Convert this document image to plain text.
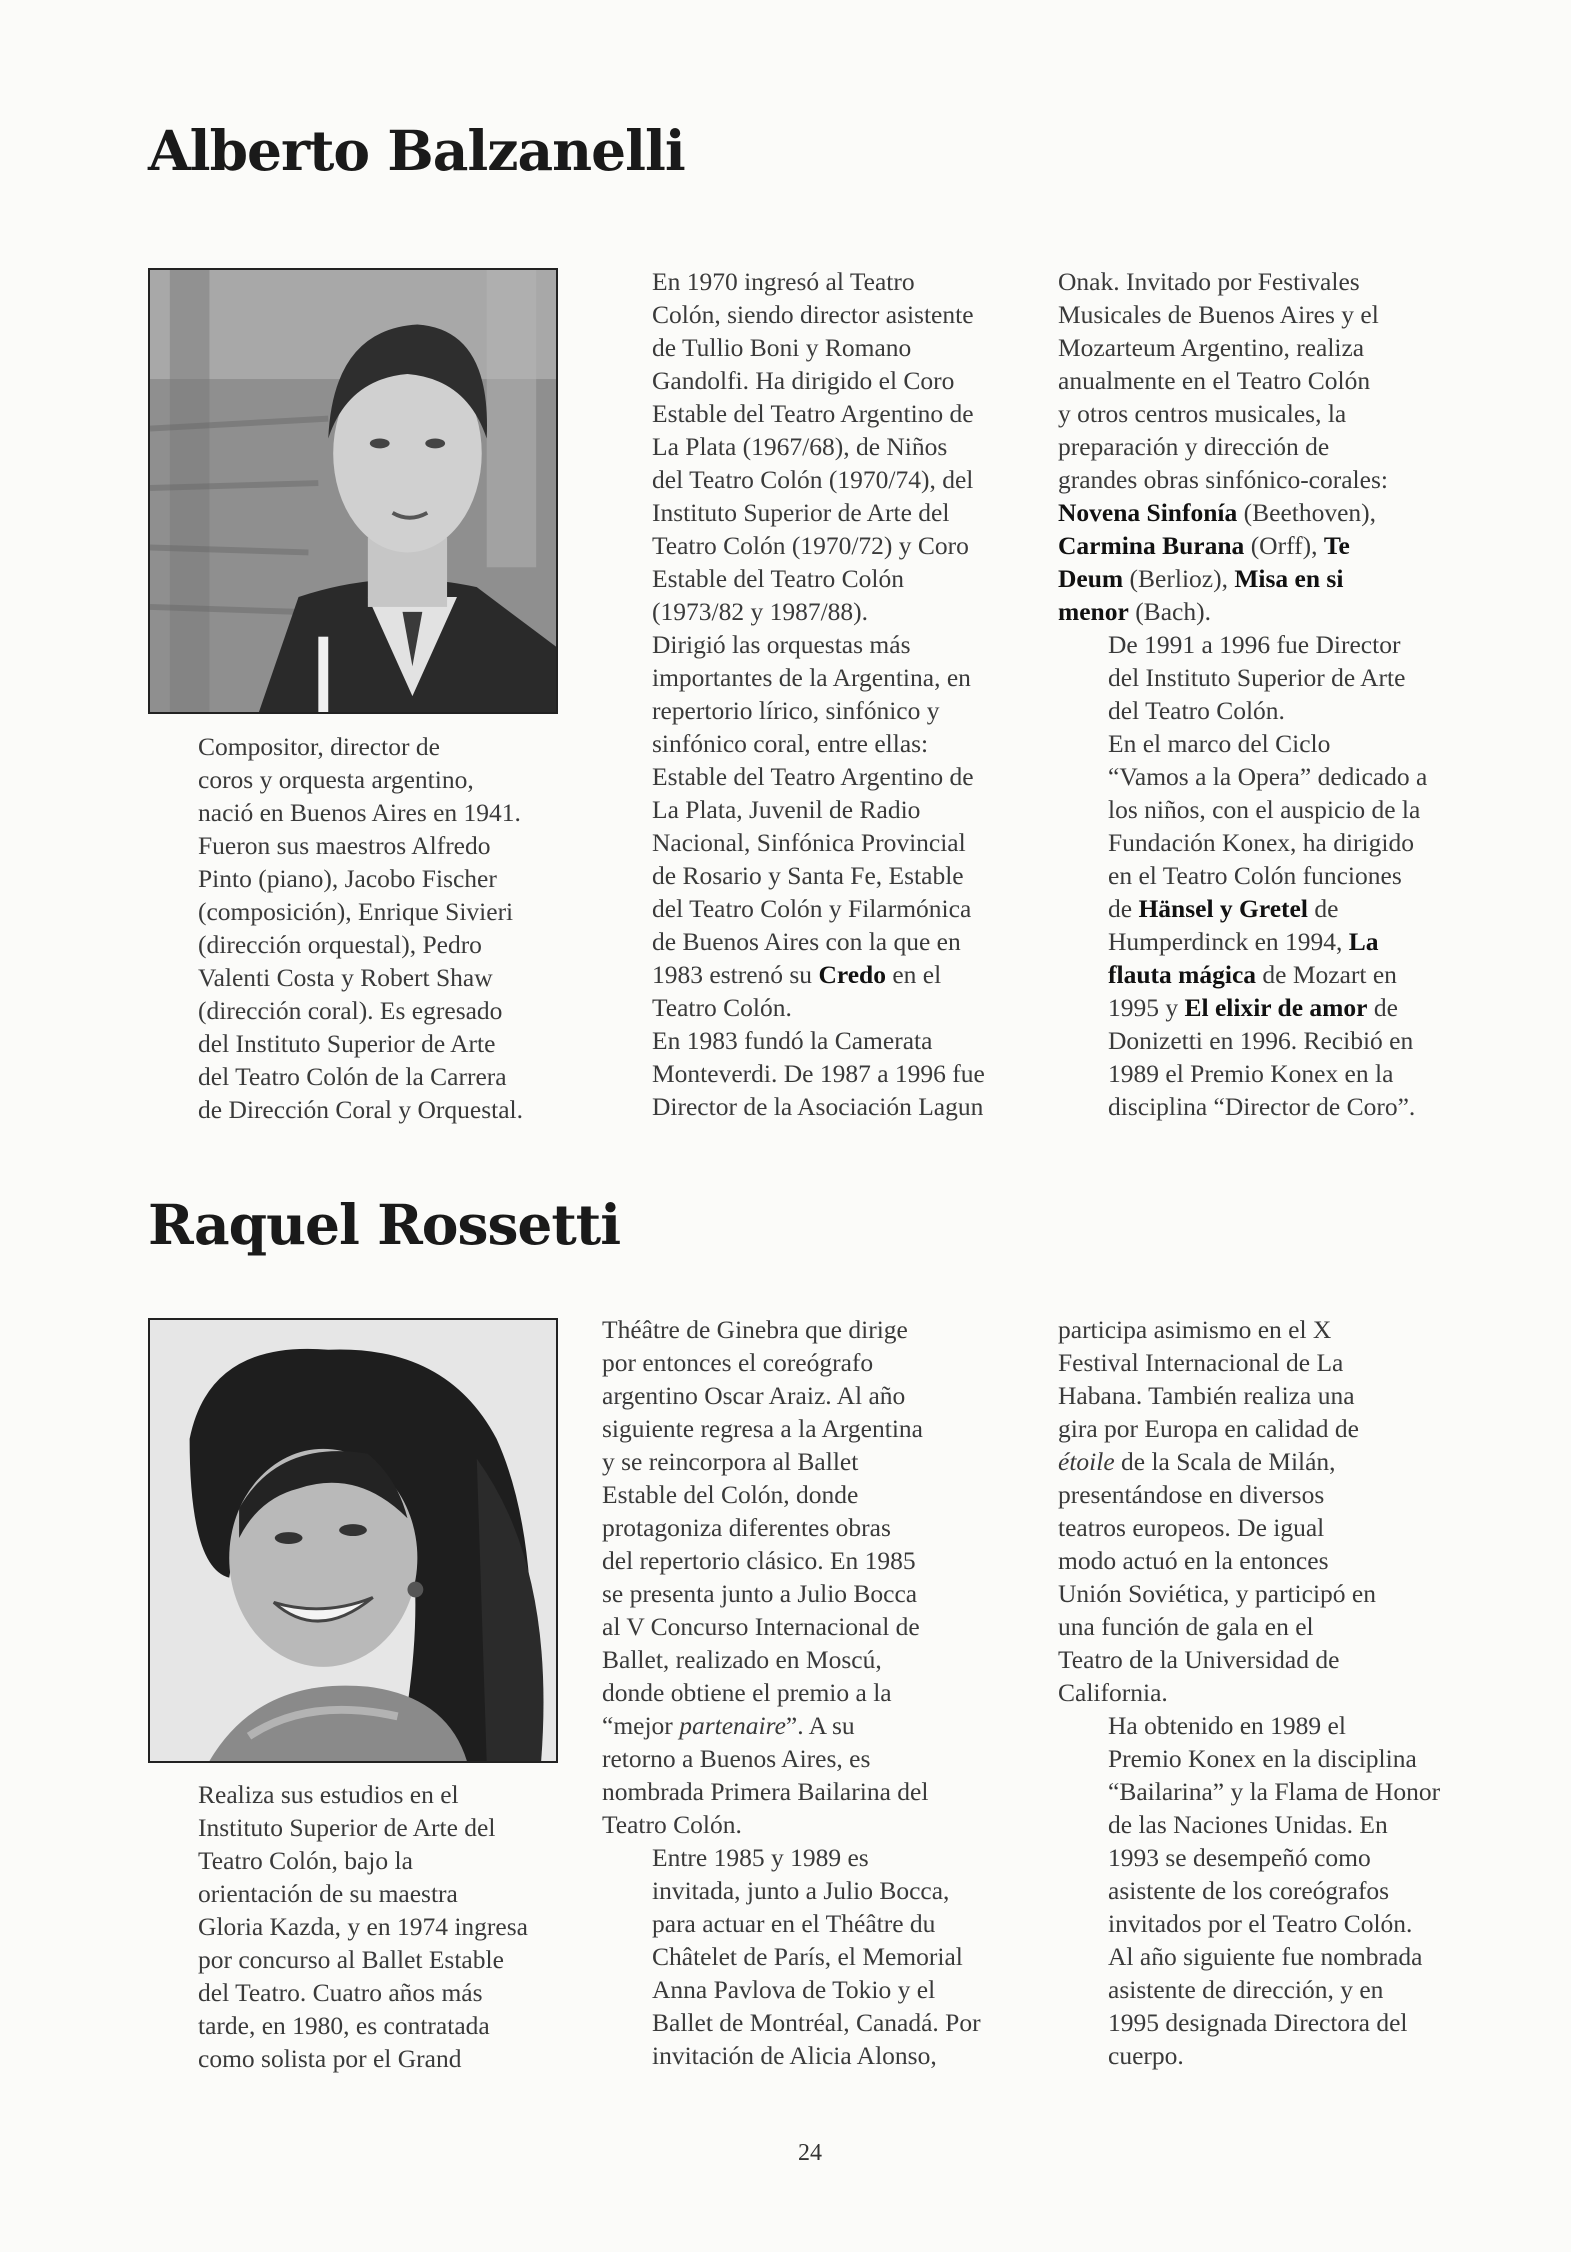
Alberto Balzanelli

Compositor, director de
coros y orquesta argentino,
nació en Buenos Aires en 1941.
Fueron sus maestros Alfredo
Pinto (piano), Jacobo Fischer
(composición), Enrique Sivieri
(dirección orquestal), Pedro
Valenti Costa y Robert Shaw
(dirección coral). Es egresado
del Instituto Superior de Arte
del Teatro Colón de la Carrera
de Dirección Coral y Orquestal.

En 1970 ingresó al Teatro
Colón, siendo director asistente
de Tullio Boni y Romano
Gandolfi. Ha dirigido el Coro
Estable del Teatro Argentino de
La Plata (1967/68), de Niños
del Teatro Colón (1970/74), del
Instituto Superior de Arte del
Teatro Colón (1970/72) y Coro
Estable del Teatro Colón
(1973/82 y 1987/88).

Dirigió las orquestas más
importantes de la Argentina, en
repertorio lírico, sinfónico y
sinfónico coral, entre ellas:
Estable del Teatro Argentino de
La Plata, Juvenil de Radio
Nacional, Sinfónica Provincial
de Rosario y Santa Fe, Estable
del Teatro Colón y Filarmónica
de Buenos Aires con la que en
1983 estrenó su Credo en el
Teatro Colón.

En 1983 fundó la Camerata
Monteverdi. De 1987 a 1996 fue
Director de la Asociación Lagun

Onak. Invitado por Festivales
Musicales de Buenos Aires y el
Mozarteum Argentino, realiza
anualmente en el Teatro Colón
y otros centros musicales, la
preparación y dirección de
grandes obras sinfónico-corales:
Novena Sinfonía (Beethoven),
Carmina Burana (Orff), Te
Deum (Berlioz), Misa en si
menor (Bach).

De 1991 a 1996 fue Director
del Instituto Superior de Arte
del Teatro Colón.

En el marco del Ciclo
“Vamos a la Opera” dedicado a
los niños, con el auspicio de la
Fundación Konex, ha dirigido
en el Teatro Colón funciones
de Hänsel y Gretel de
Humperdinck en 1994, La
flauta mágica de Mozart en
1995 y El elixir de amor de
Donizetti en 1996. Recibió en
1989 el Premio Konex en la
disciplina “Director de Coro”.

Raquel Rossetti

Realiza sus estudios en el
Instituto Superior de Arte del
Teatro Colón, bajo la
orientación de su maestra
Gloria Kazda, y en 1974 ingresa
por concurso al Ballet Estable
del Teatro. Cuatro años más
tarde, en 1980, es contratada
como solista por el Grand

Théâtre de Ginebra que dirige
por entonces el coreógrafo
argentino Oscar Araiz. Al año
siguiente regresa a la Argentina
y se reincorpora al Ballet
Estable del Colón, donde
protagoniza diferentes obras
del repertorio clásico. En 1985
se presenta junto a Julio Bocca
al V Concurso Internacional de
Ballet, realizado en Moscú,
donde obtiene el premio a la
“mejor partenaire”. A su
retorno a Buenos Aires, es
nombrada Primera Bailarina del
Teatro Colón.

Entre 1985 y 1989 es
invitada, junto a Julio Bocca,
para actuar en el Théâtre du
Châtelet de París, el Memorial
Anna Pavlova de Tokio y el
Ballet de Montréal, Canadá. Por
invitación de Alicia Alonso,

participa asimismo en el X
Festival Internacional de La
Habana. También realiza una
gira por Europa en calidad de
étoile de la Scala de Milán,
presentándose en diversos
teatros europeos. De igual
modo actuó en la entonces
Unión Soviética, y participó en
una función de gala en el
Teatro de la Universidad de
California.

Ha obtenido en 1989 el
Premio Konex en la disciplina
“Bailarina” y la Flama de Honor
de las Naciones Unidas. En
1993 se desempeñó como
asistente de los coreógrafos
invitados por el Teatro Colón.
Al año siguiente fue nombrada
asistente de dirección, y en
1995 designada Directora del
cuerpo.

24
